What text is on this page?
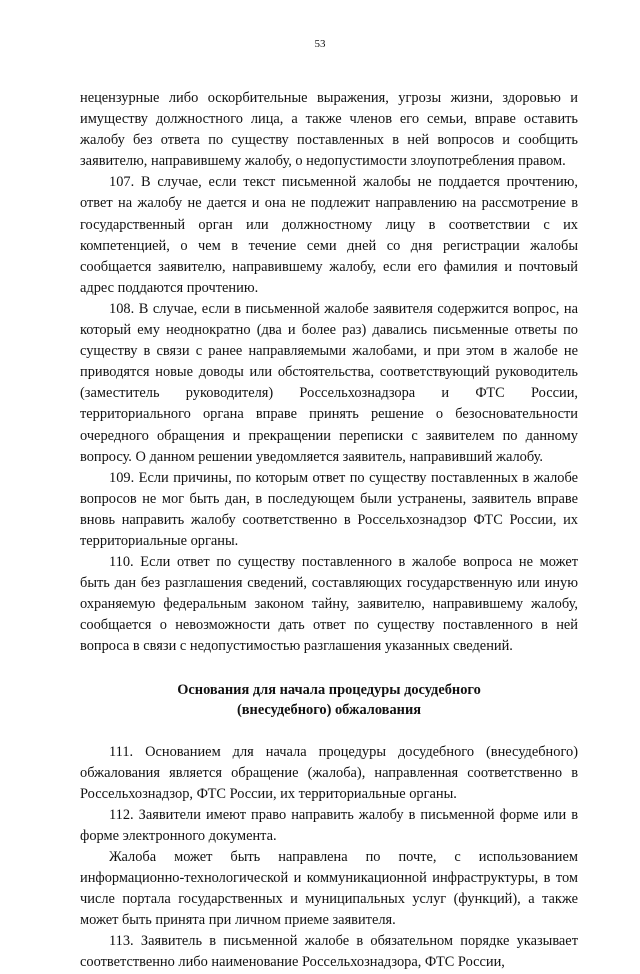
53

нецензурные либо оскорбительные выражения, угрозы жизни, здоровью и имуществу должностного лица, а также членов его семьи, вправе оставить жалобу без ответа по существу поставленных в ней вопросов и сообщить заявителю, направившему жалобу, о недопустимости злоупотребления правом.

107. В случае, если текст письменной жалобы не поддается прочтению, ответ на жалобу не дается и она не подлежит направлению на рассмотрение в государственный орган или должностному лицу в соответствии с их компетенцией, о чем в течение семи дней со дня регистрации жалобы сообщается заявителю, направившему жалобу, если его фамилия и почтовый адрес поддаются прочтению.

108. В случае, если в письменной жалобе заявителя содержится вопрос, на который ему неоднократно (два и более раз) давались письменные ответы по существу в связи с ранее направляемыми жалобами, и при этом в жалобе не приводятся новые доводы или обстоятельства, соответствующий руководитель (заместитель руководителя) Россельхознадзора и ФТС России, территориального органа вправе принять решение о безосновательности очередного обращения и прекращении переписки с заявителем по данному вопросу. О данном решении уведомляется заявитель, направивший жалобу.

109. Если причины, по которым ответ по существу поставленных в жалобе вопросов не мог быть дан, в последующем были устранены, заявитель вправе вновь направить жалобу соответственно в Россельхознадзор ФТС России, их территориальные органы.

110. Если ответ по существу поставленного в жалобе вопроса не может быть дан без разглашения сведений, составляющих государственную или иную охраняемую федеральным законом тайну, заявителю, направившему жалобу, сообщается о невозможности дать ответ по существу поставленного в ней вопроса в связи с недопустимостью разглашения указанных сведений.

Основания для начала процедуры досудебного
(внесудебного) обжалования

111. Основанием для начала процедуры досудебного (внесудебного) обжалования является обращение (жалоба), направленная соответственно в Россельхознадзор, ФТС России, их территориальные органы.

112. Заявители имеют право направить жалобу в письменной форме или в форме электронного документа.

Жалоба может быть направлена по почте, с использованием информационно-технологической и коммуникационной инфраструктуры, в том числе портала государственных и муниципальных услуг (функций), а также может быть принята при личном приеме заявителя.

113. Заявитель в письменной жалобе в обязательном порядке указывает соответственно либо наименование Россельхознадзора, ФТС России,
